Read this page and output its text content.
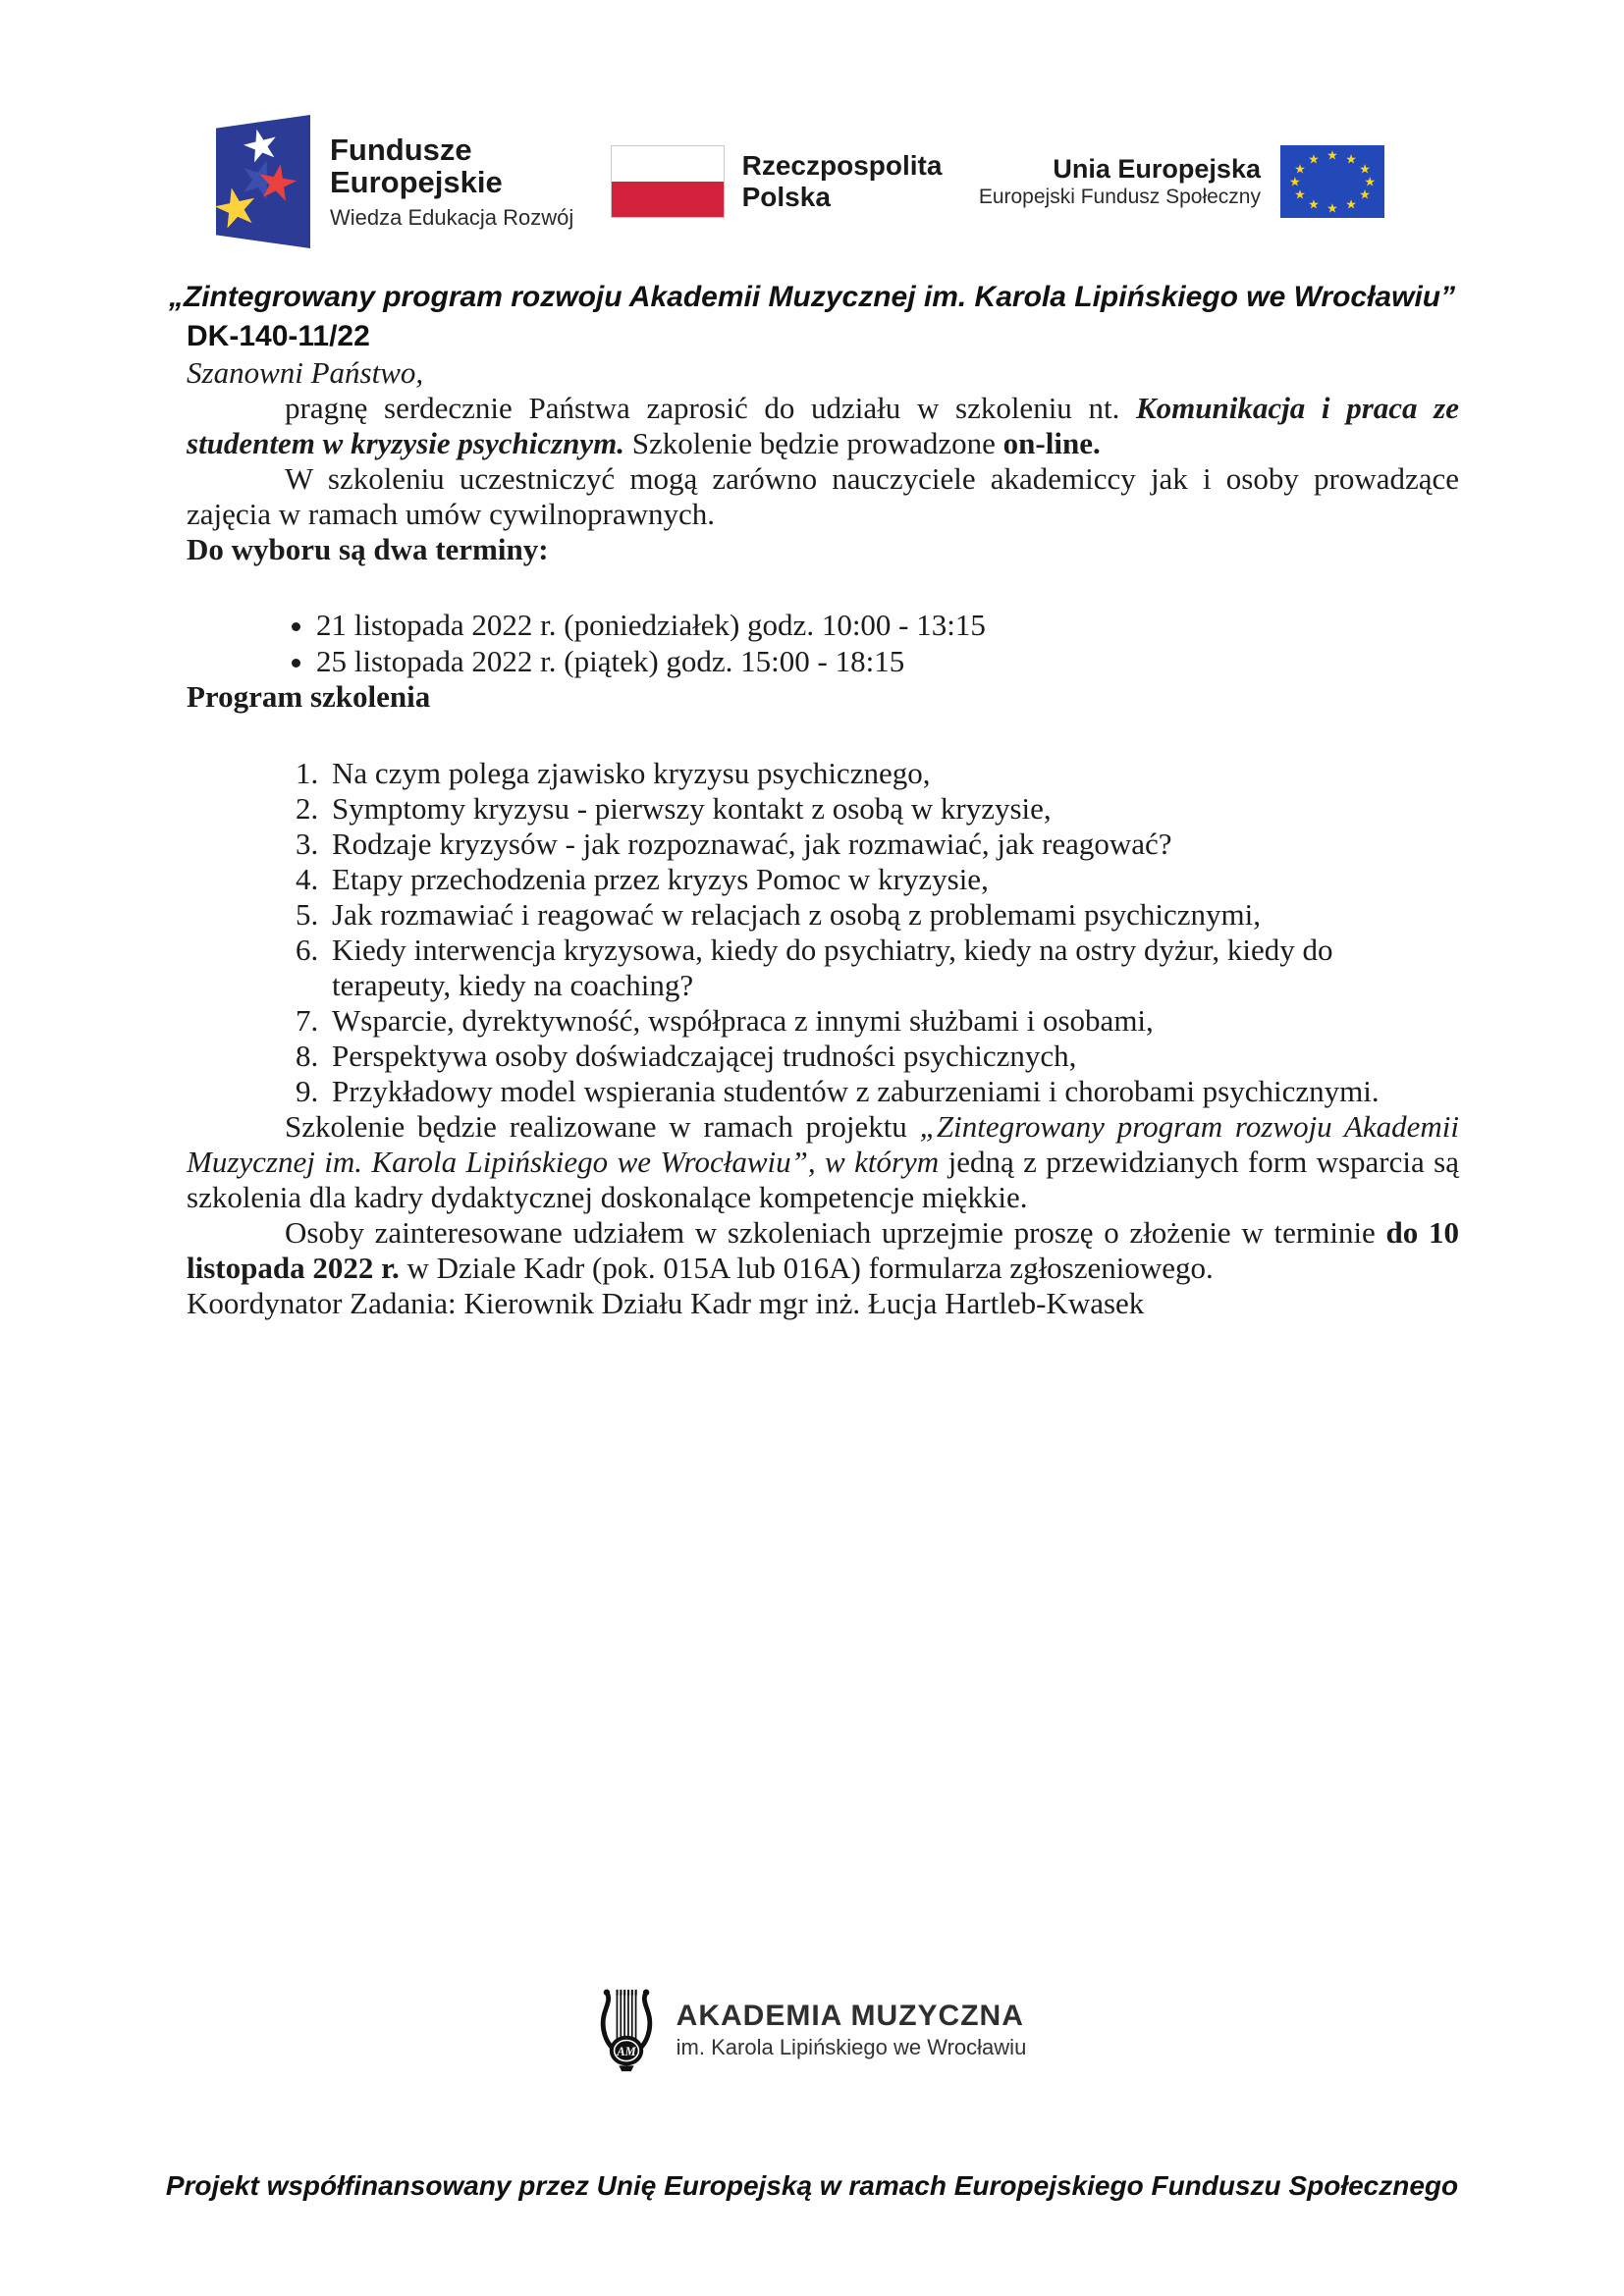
★
★
★
★
Fundusze
Europejskie
Wiedza Edukacja Rozwój
Rzeczpospolita
Polska
Unia Europejska
Europejski Fundusz Społeczny
★ ★
★
★
★
★
★
★
★
★
★
★
„Zintegrowany program rozwoju Akademii Muzycznej im. Karola Lipińskiego we Wrocławiu”
DK-140-11/22

Szanowni Państwo,

pragnę serdecznie Państwa zaprosić do udziału w szkoleniu nt. Komunikacja i praca ze studentem w kryzysie psychicznym. Szkolenie będzie prowadzone on-line.

W szkoleniu uczestniczyć mogą zarówno nauczyciele akademiccy jak i osoby prowadzące zajęcia w ramach umów cywilnoprawnych.

Do wyboru są dwa terminy:

• 21 listopada 2022 r. (poniedziałek) godz. 10:00 - 13:15
• 25 listopada 2022 r. (piątek) godz. 15:00 - 18:15

Program szkolenia

1. Na czym polega zjawisko kryzysu psychicznego,
2. Symptomy kryzysu - pierwszy kontakt z osobą w kryzysie,
3. Rodzaje kryzysów - jak rozpoznawać, jak rozmawiać, jak reagować?
4. Etapy przechodzenia przez kryzys Pomoc w kryzysie,
5. Jak rozmawiać i reagować w relacjach z osobą z problemami psychicznymi,
6. Kiedy interwencja kryzysowa, kiedy do psychiatry, kiedy na ostry dyżur, kiedy do terapeuty, kiedy na coaching?
7. Wsparcie, dyrektywność, współpraca z innymi służbami i osobami,
8. Perspektywa osoby doświadczającej trudności psychicznych,
9. Przykładowy model wspierania studentów z zaburzeniami i chorobami psychicznymi.

Szkolenie będzie realizowane w ramach projektu „Zintegrowany program rozwoju Akademii Muzycznej im. Karola Lipińskiego we Wrocławiu”, w którym jedną z przewidzianych form wsparcia są szkolenia dla kadry dydaktycznej doskonalące kompetencje miękkie.

Osoby zainteresowane udziałem w szkoleniach uprzejmie proszę o złożenie w terminie do 10 listopada 2022 r. w Dziale Kadr (pok. 015A lub 016A) formularza zgłoszeniowego.

Koordynator Zadania: Kierownik Działu Kadr mgr inż. Łucja Hartleb-Kwasek

AM
AKADEMIA MUZYCZNA
im. Karola Lipińskiego we Wrocławiu

Projekt współfinansowany przez Unię Europejską w ramach Europejskiego Funduszu Społecznego
